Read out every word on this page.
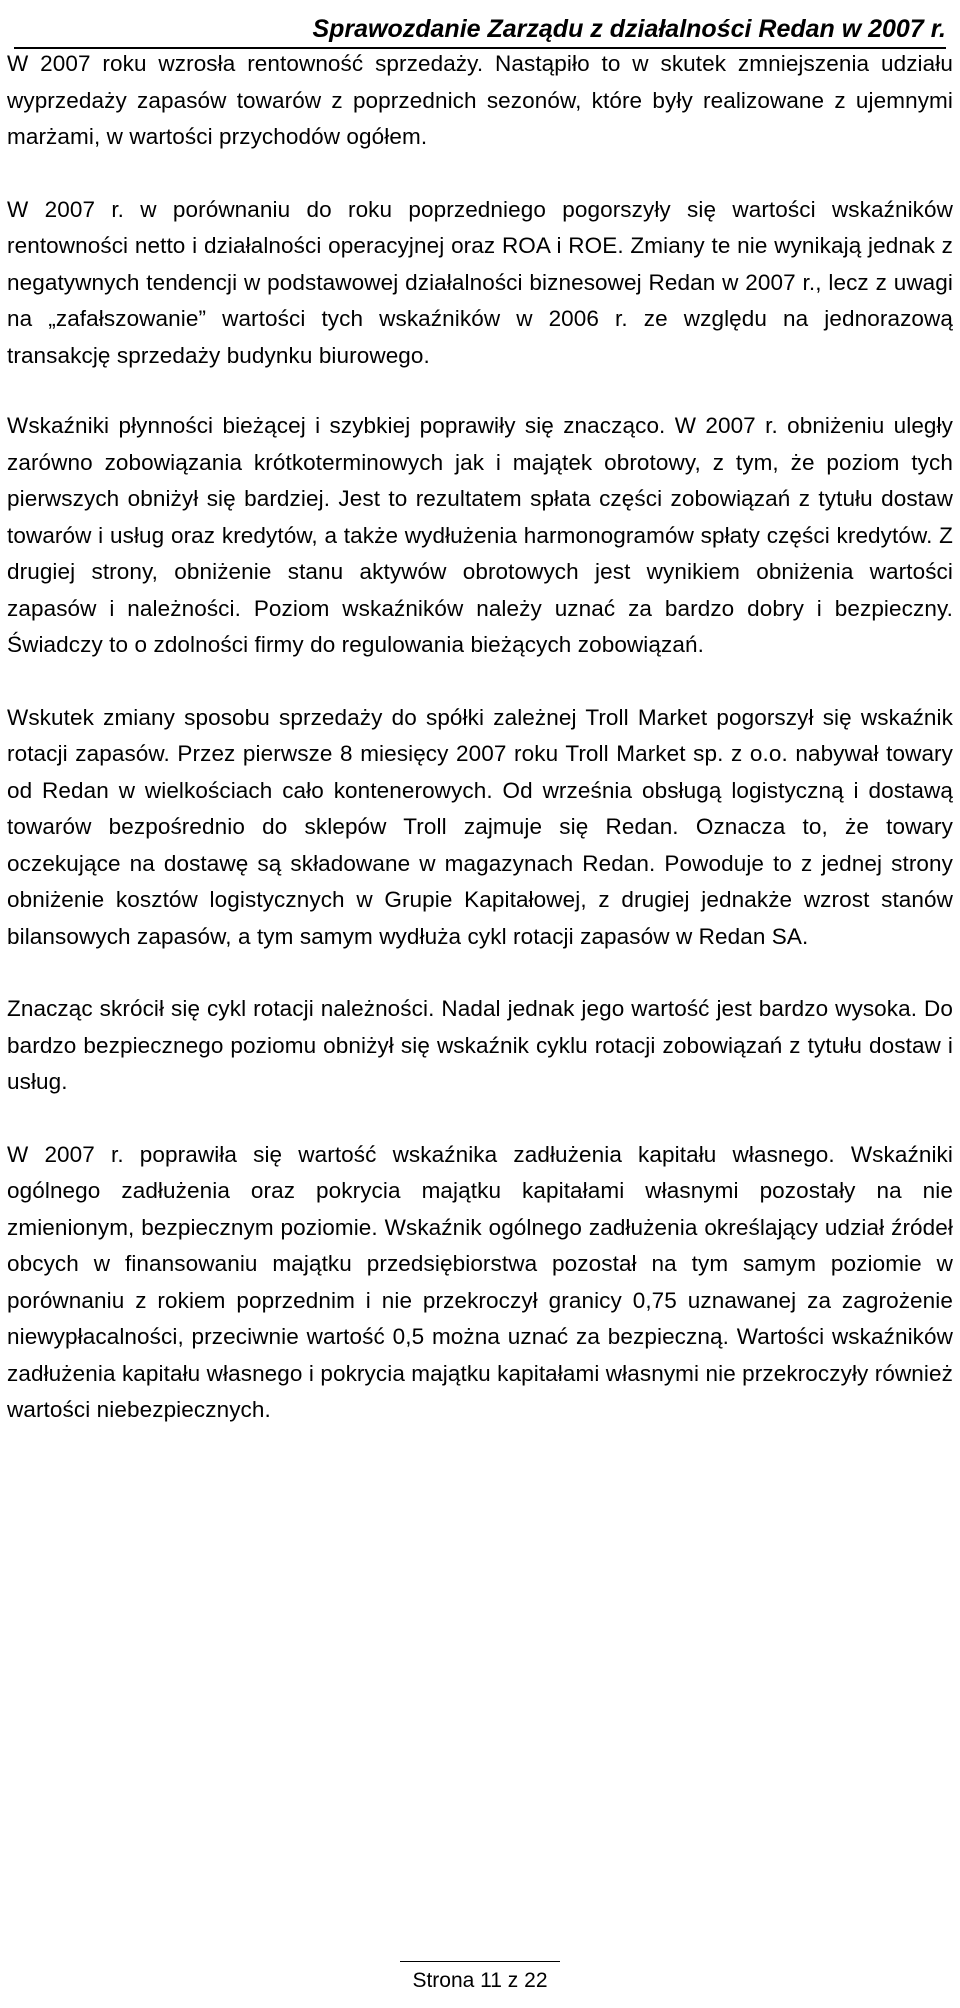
Sprawozdanie Zarządu z działalności Redan w 2007 r.

W 2007 roku wzrosła rentowność sprzedaży. Nastąpiło to w skutek zmniejszenia udziału wyprzedaży zapasów towarów z poprzednich sezonów, które były realizowane z ujemnymi marżami, w wartości przychodów ogółem.

W 2007 r. w porównaniu do roku poprzedniego pogorszyły się wartości wskaźników rentowności netto i działalności operacyjnej oraz ROA i ROE. Zmiany te nie wynikają jednak z negatywnych tendencji w podstawowej działalności biznesowej Redan w 2007 r., lecz z uwagi na „zafałszowanie” wartości tych wskaźników w 2006 r. ze względu na jednorazową transakcję sprzedaży budynku biurowego.

Wskaźniki płynności bieżącej i szybkiej poprawiły się znacząco. W 2007 r. obniżeniu uległy zarówno zobowiązania krótkoterminowych jak i majątek obrotowy, z tym, że poziom tych pierwszych obniżył się bardziej. Jest to rezultatem spłata części zobowiązań z tytułu dostaw towarów i usług oraz kredytów, a także wydłużenia harmonogramów spłaty części kredytów. Z drugiej strony, obniżenie stanu aktywów obrotowych jest wynikiem obniżenia wartości zapasów i należności. Poziom wskaźników należy uznać za bardzo dobry i bezpieczny. Świadczy to o zdolności firmy do regulowania bieżących zobowiązań.

Wskutek zmiany sposobu sprzedaży do spółki zależnej Troll Market pogorszył się wskaźnik rotacji zapasów. Przez pierwsze 8 miesięcy 2007 roku Troll Market sp. z o.o. nabywał towary od Redan w wielkościach cało kontenerowych. Od września obsługą logistyczną i dostawą towarów bezpośrednio do sklepów Troll zajmuje się Redan. Oznacza to, że towary oczekujące na dostawę są składowane w magazynach Redan. Powoduje to z jednej strony obniżenie kosztów logistycznych w Grupie Kapitałowej, z drugiej jednakże wzrost stanów bilansowych zapasów, a tym samym wydłuża cykl rotacji zapasów w Redan SA.

Znacząc skrócił się cykl rotacji należności. Nadal jednak jego wartość jest bardzo wysoka. Do bardzo bezpiecznego poziomu obniżył się wskaźnik cyklu rotacji zobowiązań z tytułu dostaw i usług.

W 2007 r. poprawiła się wartość wskaźnika zadłużenia kapitału własnego. Wskaźniki ogólnego zadłużenia oraz pokrycia majątku kapitałami własnymi pozostały na nie zmienionym, bezpiecznym poziomie. Wskaźnik ogólnego zadłużenia określający udział źródeł obcych w finansowaniu majątku przedsiębiorstwa pozostał na tym samym poziomie w porównaniu z rokiem poprzednim i nie przekroczył granicy 0,75 uznawanej za zagrożenie niewypłacalności, przeciwnie wartość 0,5 można uznać za bezpieczną. Wartości wskaźników zadłużenia kapitału własnego i pokrycia majątku kapitałami własnymi nie przekroczyły również wartości niebezpiecznych.

Strona 11 z 22
